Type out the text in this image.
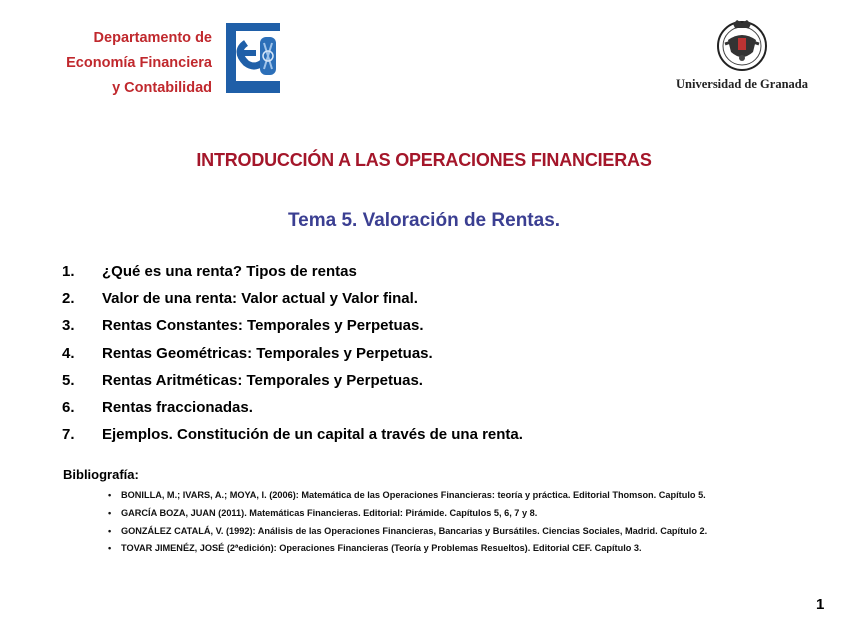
Departamento de
Economía Financiera
y Contabilidad	Universidad de Granada
INTRODUCCIÓN A LAS OPERACIONES FINANCIERAS
Tema 5. Valoración de Rentas.
1. ¿Qué es una renta? Tipos de rentas
2. Valor de una renta: Valor actual y Valor final.
3. Rentas Constantes: Temporales y Perpetuas.
4. Rentas Geométricas: Temporales y Perpetuas.
5. Rentas Aritméticas: Temporales y Perpetuas.
6. Rentas fraccionadas.
7. Ejemplos. Constitución de un capital a través de una renta.
Bibliografía:
• BONILLA, M.; IVARS, A.; MOYA, I. (2006): Matemática de las Operaciones Financieras: teoría y práctica. Editorial Thomson. Capítulo 5.
• GARCÍA BOZA, JUAN (2011). Matemáticas Financieras. Editorial: Pirámide. Capítulos 5, 6, 7 y 8.
• GONZÁLEZ CATALÁ, V. (1992): Análisis de las Operaciones Financieras, Bancarias y Bursátiles. Ciencias Sociales, Madrid. Capítulo 2.
• TOVAR JIMENÉZ, JOSÉ (2ªedición): Operaciones Financieras (Teoría y Problemas Resueltos). Editorial CEF. Capítulo 3.
1
